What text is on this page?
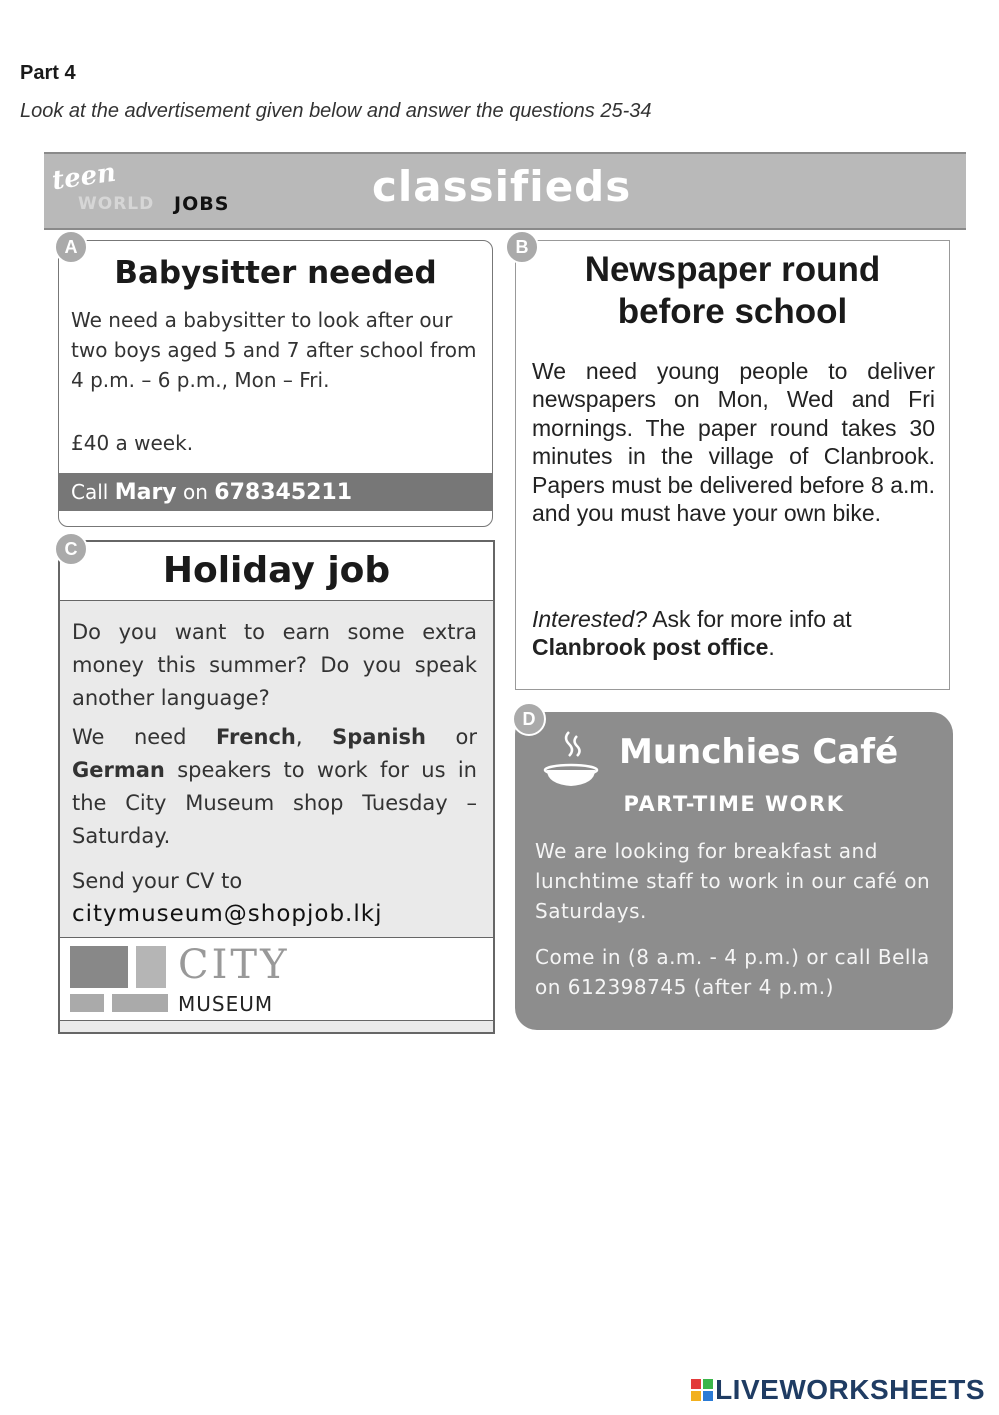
Part 4
Look at the advertisement given below and answer the questions 25-34
teen
WORLD JOBS	classifieds
Babysitter needed
We need a babysitter to look after our two boys aged 5 and 7 after school from 4 p.m. – 6 p.m., Mon – Fri.
£40 a week.
Call Mary on 678345211
A
Newspaper round
before school
We need young people to deliver newspapers on Mon, Wed and Fri mornings. The paper round takes 30 minutes in the village of Clanbrook. Papers must be delivered before 8 a.m. and you must have your own bike.
Interested? Ask for more info at Clanbrook post office.
B
Holiday job
Do you want to earn some extra money this summer? Do you speak another language?
We need French, Spanish or German speakers to work for us in the City Museum shop Tuesday – Saturday.
Send your CV to
citymuseum@shopjob.lkj
CITY
MUSEUM
C
Munchies Café
PART-TIME WORK
We are looking for breakfast and lunchtime staff to work in our café on Saturdays.
Come in (8 a.m. - 4 p.m.) or call Bella on 612398745 (after 4 p.m.)
D
LIVEWORKSHEETS
